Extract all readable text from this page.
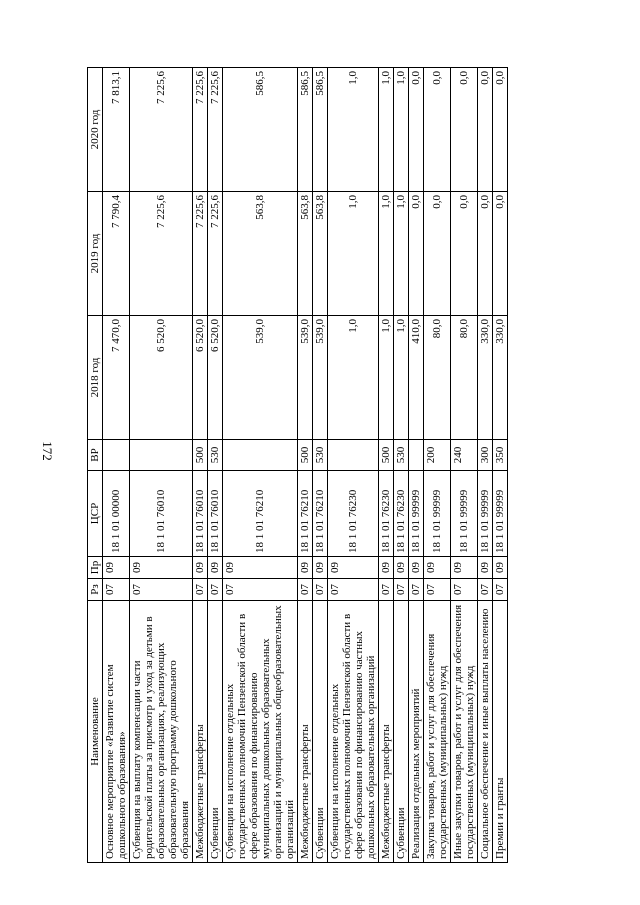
172
Наименование	Рз	Пр	ЦСР	ВР	2018 год	2019 год	2020 год
Основное мероприятие «Развитие систем дошкольного образования»	07	09	18 1 01 00000		7 470,0	7 790,4	7 813,1
Субвенция на выплату компенсации части родительской платы за присмотр и уход за детьми в образовательных организациях, реализующих образовательную программу дошкольного образования	07	09	18 1 01 76010		6 520,0	7 225,6	7 225,6
Межбюджетные трансферты	07	09	18 1 01 76010	500	6 520,0	7 225,6	7 225,6
Субвенции	07	09	18 1 01 76010	530	6 520,0	7 225,6	7 225,6
Субвенции на исполнение отдельных государственных полномочий Пензенской области в сфере образования по финансированию муниципальных дошкольных образовательных организаций и муниципальных общеобразовательных организаций	07	09	18 1 01 76210		539,0	563,8	586,5
Межбюджетные трансферты	07	09	18 1 01 76210	500	539,0	563,8	586,5
Субвенции	07	09	18 1 01 76210	530	539,0	563,8	586,5
Субвенции на исполнение отдельных государственных полномочий Пензенской области в сфере образования по финансированию частных дошкольных образовательных организаций	07	09	18 1 01 76230		1,0	1,0	1,0
Межбюджетные трансферты	07	09	18 1 01 76230	500	1,0	1,0	1,0
Субвенции	07	09	18 1 01 76230	530	1,0	1,0	1,0
Реализация отдельных мероприятий	07	09	18 1 01 99999		410,0	0,0	0,0
Закупка товаров, работ и услуг для обеспечения государственных (муниципальных) нужд	07	09	18 1 01 99999	200	80,0	0,0	0,0
Иные закупки товаров, работ и услуг для обеспечения государственных (муниципальных) нужд	07	09	18 1 01 99999	240	80,0	0,0	0,0
Социальное обеспечение и иные выплаты населению	07	09	18 1 01 99999	300	330,0	0,0	0,0
Премии и гранты	07	09	18 1 01 99999	350	330,0	0,0	0,0
